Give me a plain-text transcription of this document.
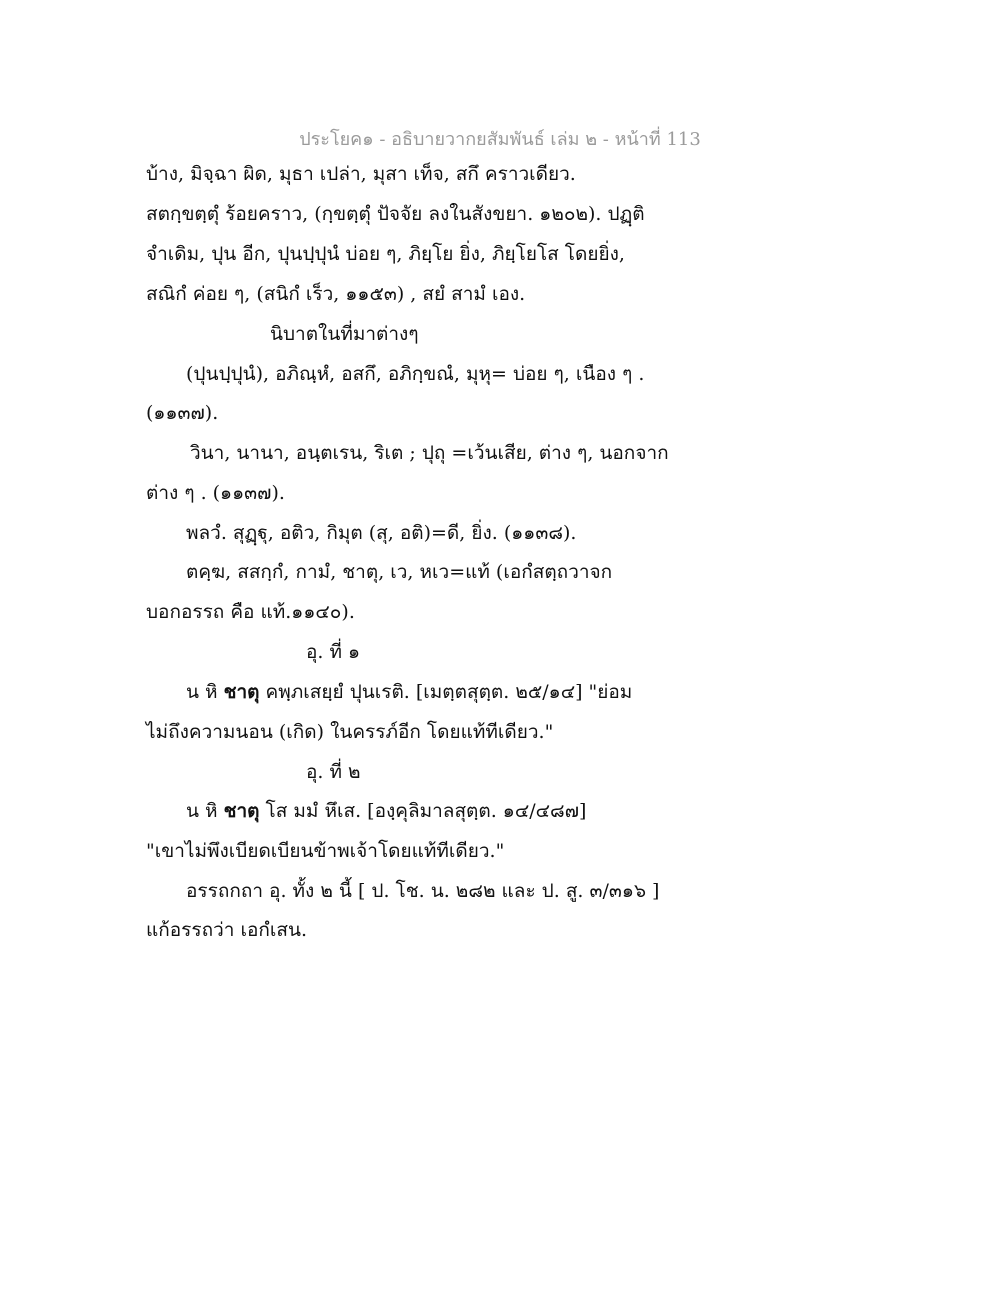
ประโยค๑ - อธิบายวากยสัมพันธ์ เล่ม ๒ - หน้าที่ 113
บ้าง, มิจฺฉา ผิด, มุธา เปล่า, มุสา เท็จ, สกึ คราวเดียว.
สตกฺขตฺตุํ ร้อยคราว, (กฺขตฺตุํ ปัจจัย ลงในสังขยา. ๑๒๐๒). ปฏฺติ
จำเดิม, ปุน อีก, ปุนปฺปุนํ บ่อย ๆ, ภิยฺโย ยิ่ง, ภิยฺโยโส โดยยิ่ง,
สณิกํ ค่อย ๆ, (สนิกํ เร็ว, ๑๑๕๓) , สยํ สามํ เอง.
นิบาตในที่มาต่างๆ
(ปุนปฺปุนํ), อภิณฺหํ, อสกึ, อภิกฺขณํ, มุหุ= บ่อย ๆ, เนือง ๆ .
(๑๑๓๗).
วินา, นานา, อนฺตเรน, ริเต ; ปุถุ =เว้นเสีย, ต่าง ๆ, นอกจาก
ต่าง ๆ . (๑๑๓๗).
พลวํ. สุฏฺฐุ, อติว, กิมุต (สุ, อติ)=ดี, ยิ่ง. (๑๑๓๘).
ตคฺฆ, สสกฺกํ, กามํ, ชาตุ, เว, หเว=แท้ (เอกํสตฺถวาจก
บอกอรรถ คือ แท้.๑๑๔๐).
อุ. ที่ ๑
น หิ ชาตุ คพฺภเสยฺยํ ปุนเรติ. [เมตฺตสุตฺต. ๒๕/๑๔] "ย่อม
ไม่ถึงความนอน (เกิด) ในครรภ์อีก โดยแท้ทีเดียว."
อุ. ที่ ๒
น หิ ชาตุ โส มมํ หึเส. [องฺคุลิมาลสุตฺต. ๑๔/๔๘๗]
"เขาไม่พึงเบียดเบียนข้าพเจ้าโดยแท้ทีเดียว."
อรรถกถา อุ. ทั้ง ๒ นี้ [ ป. โช. น. ๒๘๒ และ ป. สู. ๓/๓๑๖ ]
แก้อรรถว่า เอกํเสน.
